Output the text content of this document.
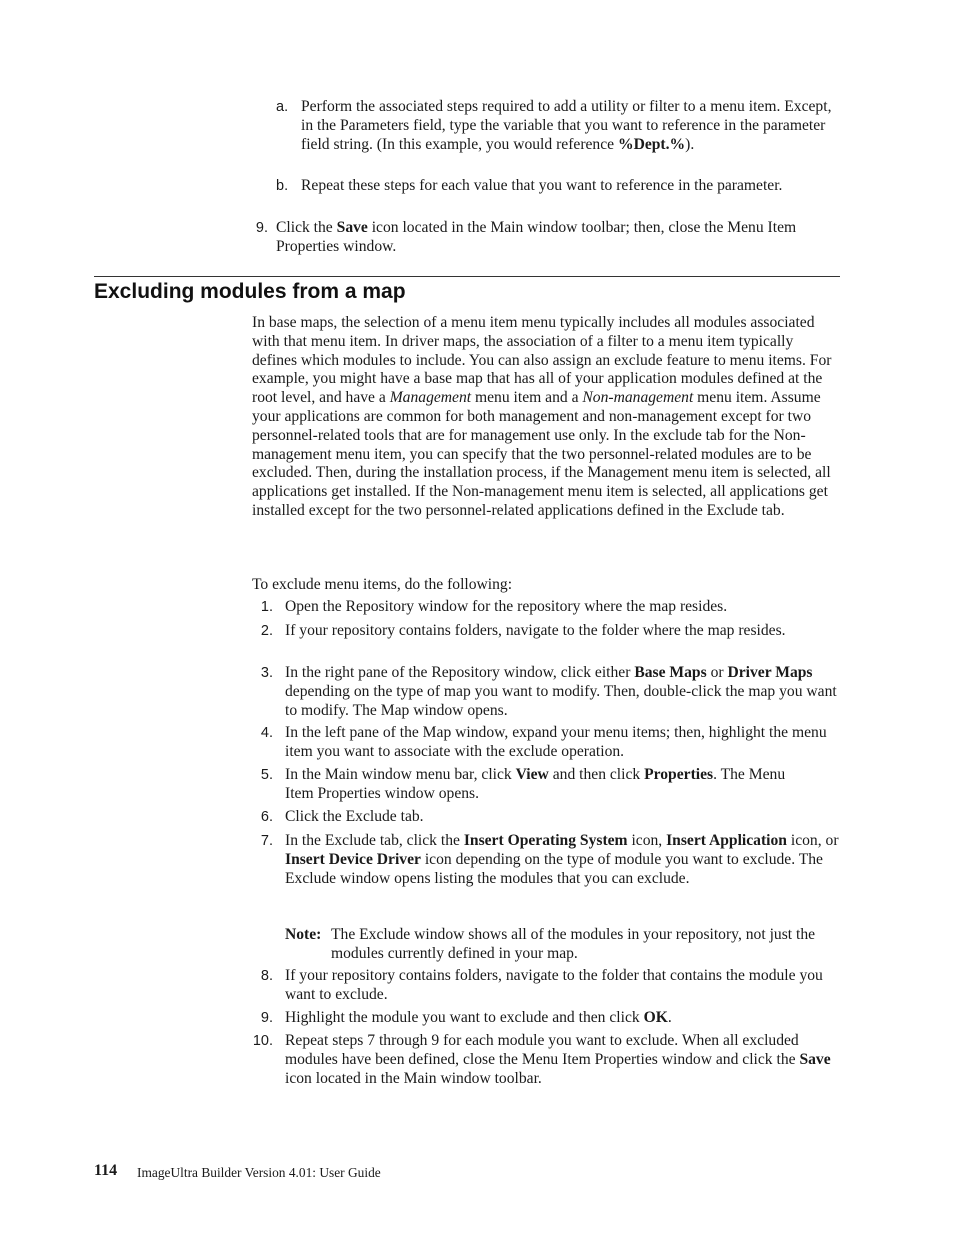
a. Perform the associated steps required to add a utility or filter to a menu item. Except, in the Parameters field, type the variable that you want to reference in the parameter field string. (In this example, you would reference %Dept.%).
b. Repeat these steps for each value that you want to reference in the parameter.
9. Click the Save icon located in the Main window toolbar; then, close the Menu Item Properties window.
Excluding modules from a map
In base maps, the selection of a menu item menu typically includes all modules associated with that menu item. In driver maps, the association of a filter to a menu item typically defines which modules to include. You can also assign an exclude feature to menu items. For example, you might have a base map that has all of your application modules defined at the root level, and have a Management menu item and a Non-management menu item. Assume your applications are common for both management and non-management except for two personnel-related tools that are for management use only. In the exclude tab for the Non-management menu item, you can specify that the two personnel-related modules are to be excluded. Then, during the installation process, if the Management menu item is selected, all applications get installed. If the Non-management menu item is selected, all applications get installed except for the two personnel-related applications defined in the Exclude tab.
To exclude menu items, do the following:
1. Open the Repository window for the repository where the map resides.
2. If your repository contains folders, navigate to the folder where the map resides.
3. In the right pane of the Repository window, click either Base Maps or Driver Maps depending on the type of map you want to modify. Then, double-click the map you want to modify. The Map window opens.
4. In the left pane of the Map window, expand your menu items; then, highlight the menu item you want to associate with the exclude operation.
5. In the Main window menu bar, click View and then click Properties. The Menu Item Properties window opens.
6. Click the Exclude tab.
7. In the Exclude tab, click the Insert Operating System icon, Insert Application icon, or Insert Device Driver icon depending on the type of module you want to exclude. The Exclude window opens listing the modules that you can exclude.
Note: The Exclude window shows all of the modules in your repository, not just the modules currently defined in your map.
8. If your repository contains folders, navigate to the folder that contains the module you want to exclude.
9. Highlight the module you want to exclude and then click OK.
10. Repeat steps 7 through 9 for each module you want to exclude. When all excluded modules have been defined, close the Menu Item Properties window and click the Save icon located in the Main window toolbar.
114 ImageUltra Builder Version 4.01: User Guide
